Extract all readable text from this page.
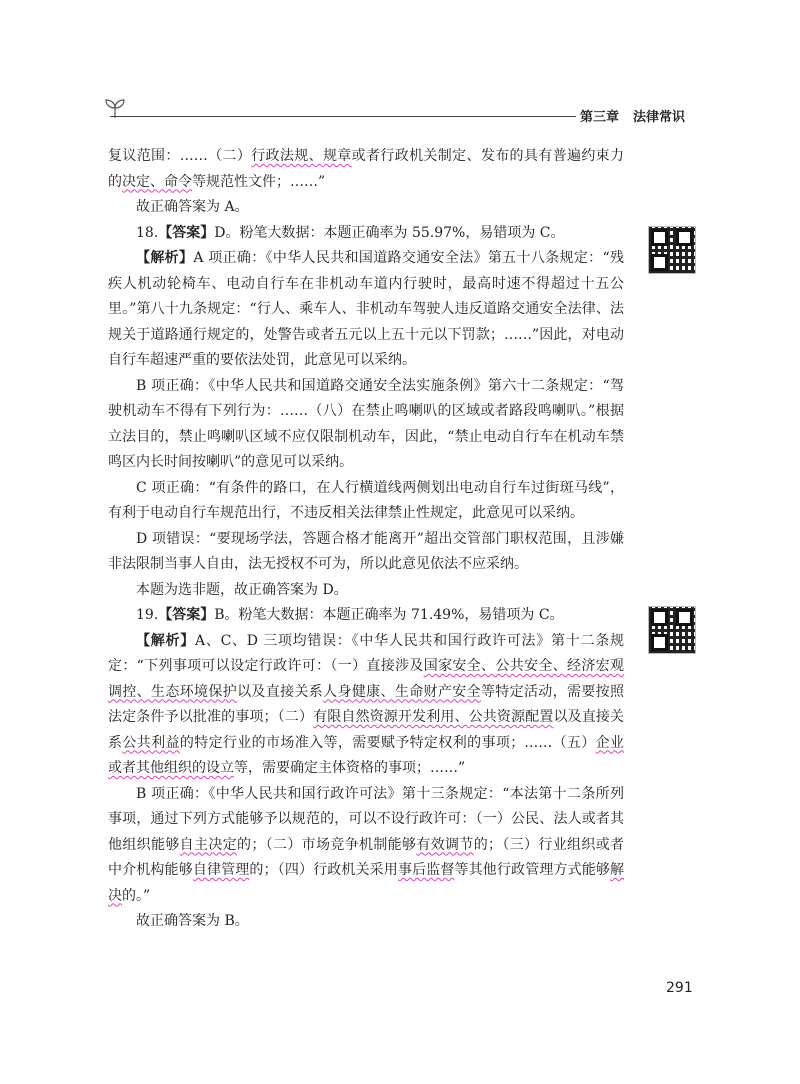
第三章 法律常识

复议范围：……（二）行政法规、规章或者行政机关制定、发布的具有普遍约束力的决定、命令等规范性文件；……”

故正确答案为 A。

18.【答案】D。粉笔大数据：本题正确率为 55.97%，易错项为 C。

【解析】A 项正确：《中华人民共和国道路交通安全法》第五十八条规定：“残疾人机动轮椅车、电动自行车在非机动车道内行驶时，最高时速不得超过十五公里。”第八十九条规定：“行人、乘车人、非机动车驾驶人违反道路交通安全法律、法规关于道路通行规定的，处警告或者五元以上五十元以下罚款；……”因此，对电动自行车超速严重的要依法处罚，此意见可以采纳。

B 项正确：《中华人民共和国道路交通安全法实施条例》第六十二条规定：“驾驶机动车不得有下列行为：……（八）在禁止鸣喇叭的区域或者路段鸣喇叭。”根据立法目的，禁止鸣喇叭区域不应仅限制机动车，因此，“禁止电动自行车在机动车禁鸣区内长时间按喇叭”的意见可以采纳。

C 项正确：“有条件的路口，在人行横道线两侧划出电动自行车过街斑马线”，有利于电动自行车规范出行，不违反相关法律禁止性规定，此意见可以采纳。

D 项错误：“要现场学法，答题合格才能离开”超出交管部门职权范围，且涉嫌非法限制当事人自由，法无授权不可为，所以此意见依法不应采纳。

本题为选非题，故正确答案为 D。

19.【答案】B。粉笔大数据：本题正确率为 71.49%，易错项为 C。

【解析】A、C、D 三项均错误：《中华人民共和国行政许可法》第十二条规定：“下列事项可以设定行政许可：（一）直接涉及国家安全、公共安全、经济宏观调控、生态环境保护以及直接关系人身健康、生命财产安全等特定活动，需要按照法定条件予以批准的事项；（二）有限自然资源开发利用、公共资源配置以及直接关系公共利益的特定行业的市场准入等，需要赋予特定权利的事项；……（五）企业或者其他组织的设立等，需要确定主体资格的事项；……”

B 项正确：《中华人民共和国行政许可法》第十三条规定：“本法第十二条所列事项，通过下列方式能够予以规范的，可以不设行政许可：（一）公民、法人或者其他组织能够自主决定的；（二）市场竞争机制能够有效调节的；（三）行业组织或者中介机构能够自律管理的；（四）行政机关采用事后监督等其他行政管理方式能够解决的。”

故正确答案为 B。

291
